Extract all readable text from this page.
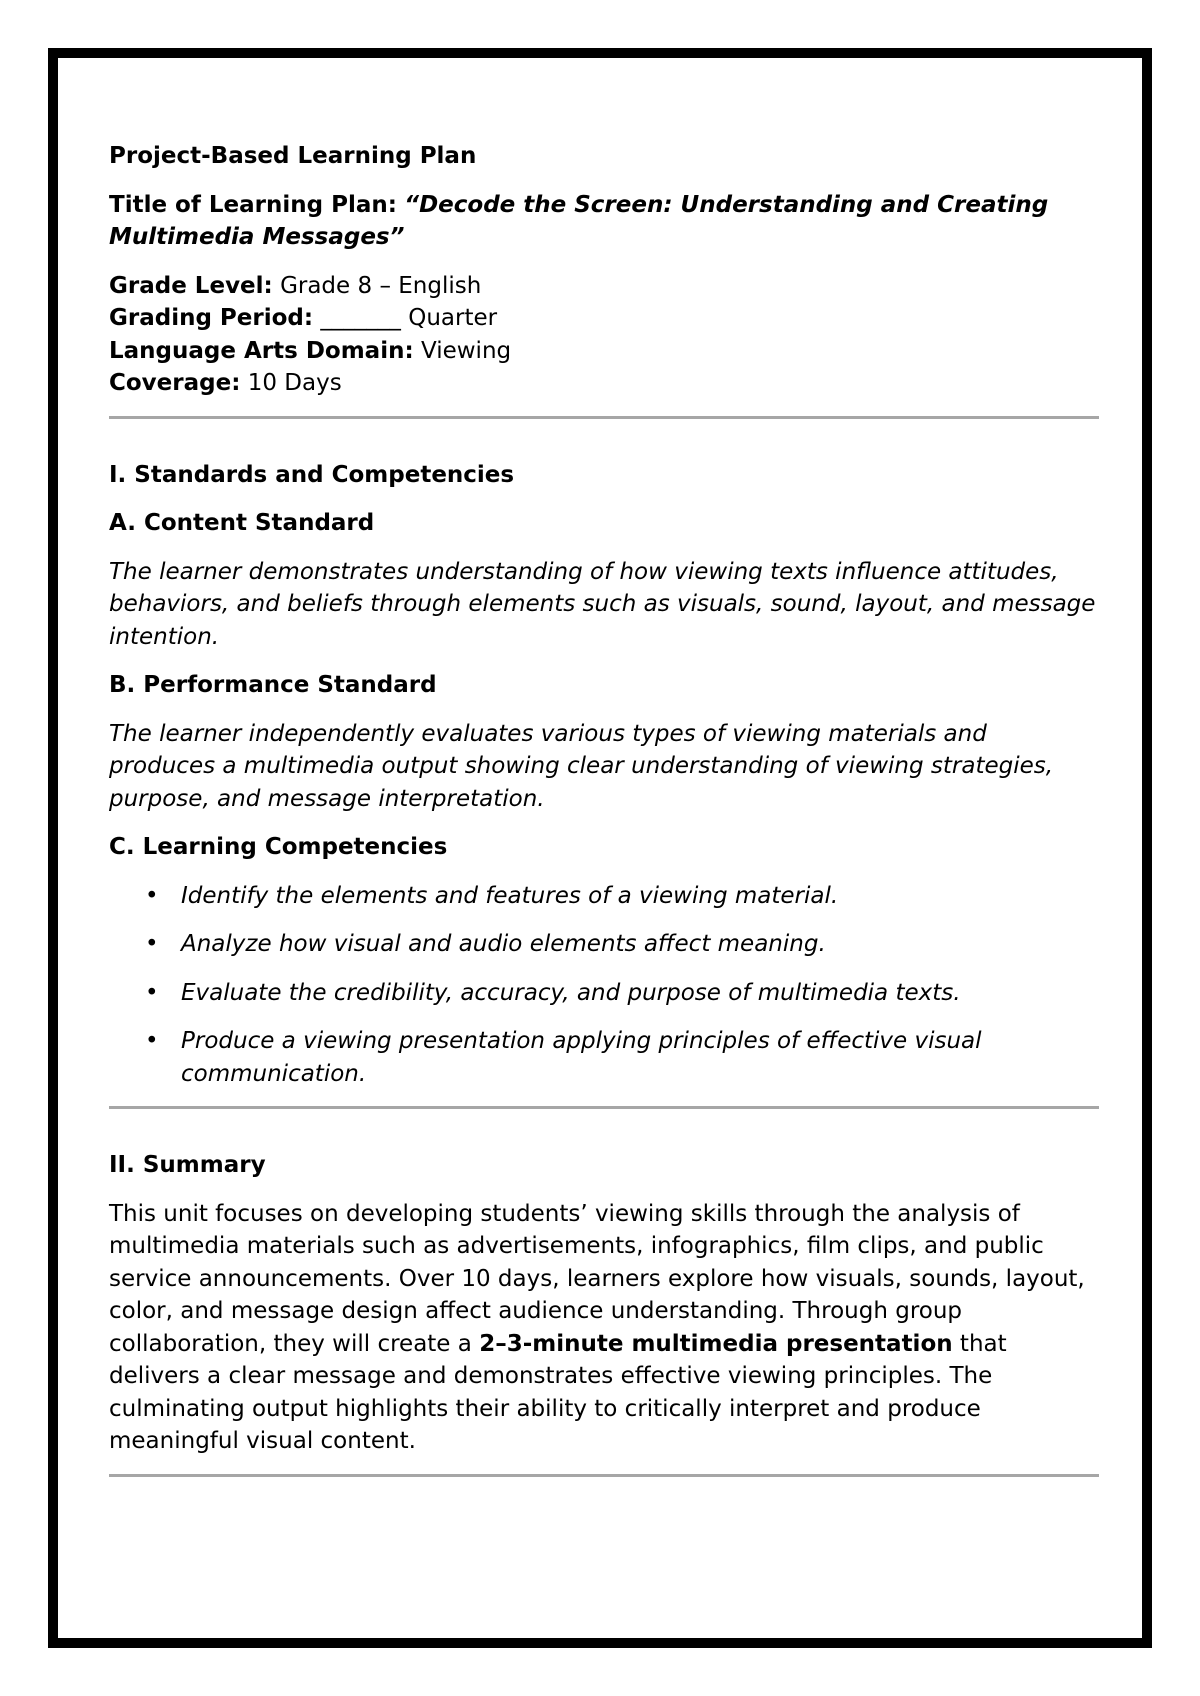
Project-Based Learning Plan

Title of Learning Plan: “Decode the Screen: Understanding and Creating Multimedia Messages”

Grade Level: Grade 8 – English

Grading Period: _______ Quarter

Language Arts Domain: Viewing

Coverage: 10 Days

I. Standards and Competencies

A. Content Standard

The learner demonstrates understanding of how viewing texts influence attitudes, behaviors, and beliefs through elements such as visuals, sound, layout, and message intention.

B. Performance Standard

The learner independently evaluates various types of viewing materials and produces a multimedia output showing clear understanding of viewing strategies, purpose, and message interpretation.

C. Learning Competencies

• Identify the elements and features of a viewing material.
• Analyze how visual and audio elements affect meaning.
• Evaluate the credibility, accuracy, and purpose of multimedia texts.
• Produce a viewing presentation applying principles of effective visual communication.

II. Summary

This unit focuses on developing students’ viewing skills through the analysis of multimedia materials such as advertisements, infographics, film clips, and public service announcements. Over 10 days, learners explore how visuals, sounds, layout, color, and message design affect audience understanding. Through group collaboration, they will create a 2–3-minute multimedia presentation that delivers a clear message and demonstrates effective viewing principles. The culminating output highlights their ability to critically interpret and produce meaningful visual content.
